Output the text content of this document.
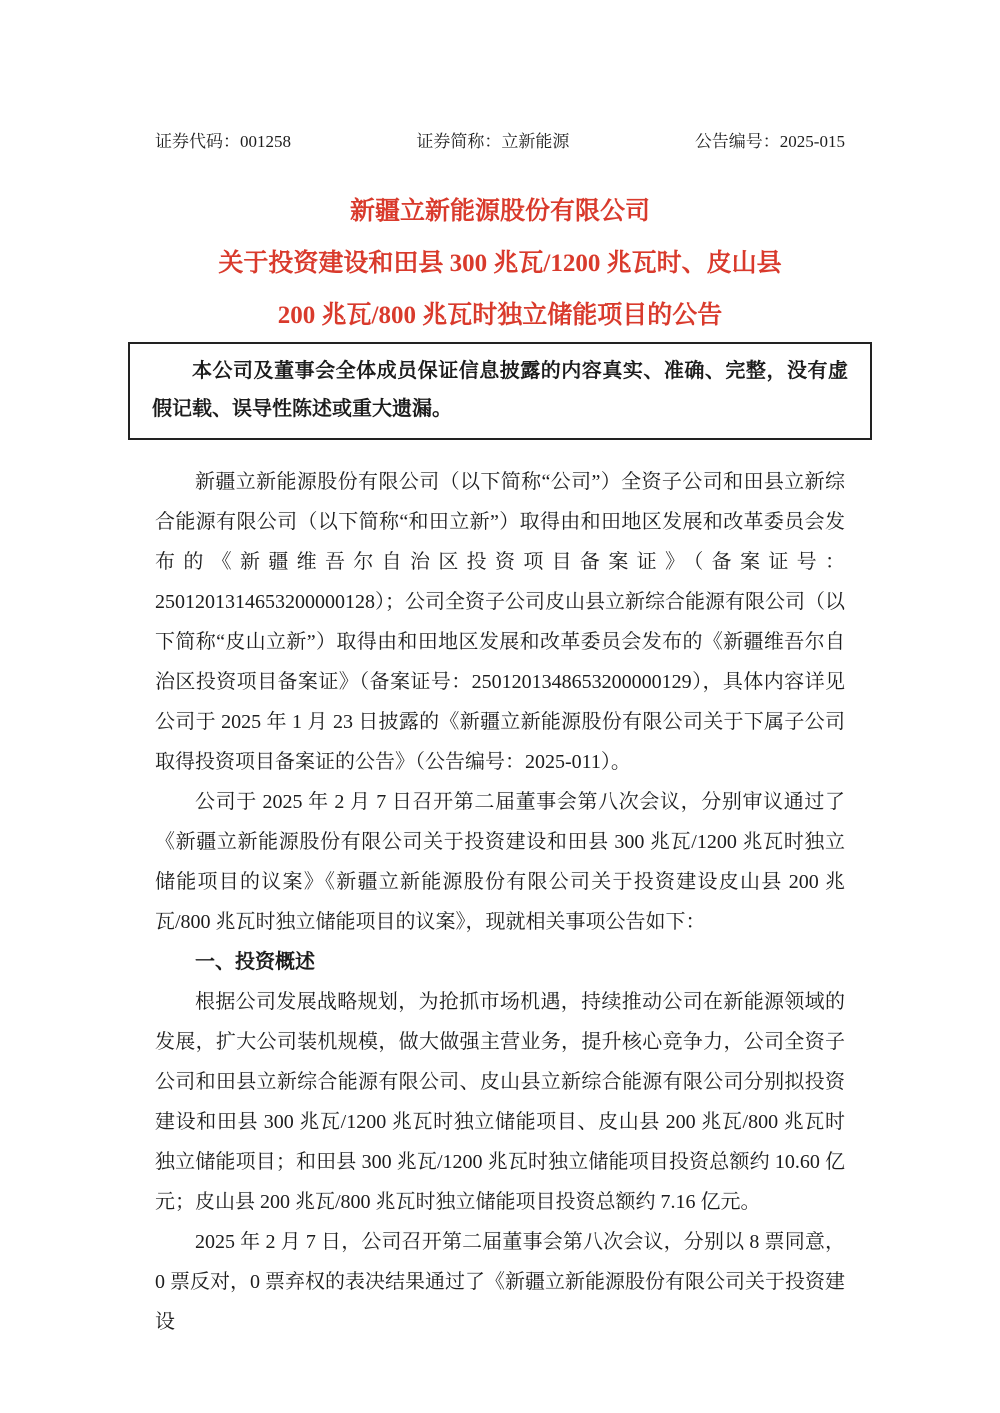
证券代码：001258	证券简称：立新能源	公告编号：2025-015
新疆立新能源股份有限公司
关于投资建设和田县 300 兆瓦/1200 兆瓦时、皮山县
200 兆瓦/800 兆瓦时独立储能项目的公告

本公司及董事会全体成员保证信息披露的内容真实、准确、完整，没有虚假记载、误导性陈述或重大遗漏。

新疆立新能源股份有限公司（以下简称“公司”）全资子公司和田县立新综合能源有限公司（以下简称“和田立新”）取得由和田地区发展和改革委员会发布的《新疆维吾尔自治区投资项目备案证》（备案证号：2501201314653200000128）；公司全资子公司皮山县立新综合能源有限公司（以下简称“皮山立新”）取得由和田地区发展和改革委员会发布的《新疆维吾尔自治区投资项目备案证》（备案证号：2501201348653200000129），具体内容详见公司于 2025 年 1 月 23 日披露的《新疆立新能源股份有限公司关于下属子公司取得投资项目备案证的公告》（公告编号：2025-011）。

公司于 2025 年 2 月 7 日召开第二届董事会第八次会议，分别审议通过了《新疆立新能源股份有限公司关于投资建设和田县 300 兆瓦/1200 兆瓦时独立储能项目的议案》《新疆立新能源股份有限公司关于投资建设皮山县 200 兆瓦/800 兆瓦时独立储能项目的议案》，现就相关事项公告如下：

一、投资概述

根据公司发展战略规划，为抢抓市场机遇，持续推动公司在新能源领域的发展，扩大公司装机规模，做大做强主营业务，提升核心竞争力，公司全资子公司和田县立新综合能源有限公司、皮山县立新综合能源有限公司分别拟投资建设和田县 300 兆瓦/1200 兆瓦时独立储能项目、皮山县 200 兆瓦/800 兆瓦时独立储能项目；和田县 300 兆瓦/1200 兆瓦时独立储能项目投资总额约 10.60 亿元；皮山县 200 兆瓦/800 兆瓦时独立储能项目投资总额约 7.16 亿元。

2025 年 2 月 7 日，公司召开第二届董事会第八次会议，分别以 8 票同意，0 票反对，0 票弃权的表决结果通过了《新疆立新能源股份有限公司关于投资建设
